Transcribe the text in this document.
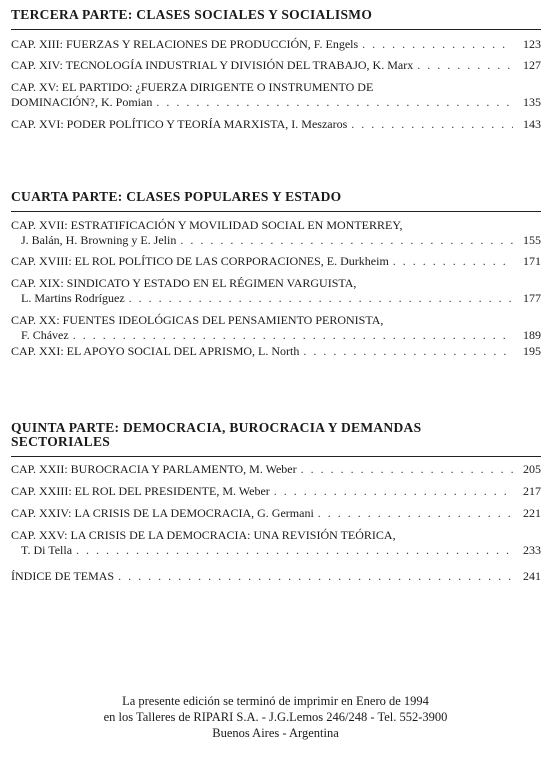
TERCERA PARTE: CLASES SOCIALES Y SOCIALISMO
CAP. XIII: FUERZAS Y RELACIONES DE PRODUCCIÓN, F. Engels . . .	123
CAP. XIV: TECNOLOGÍA INDUSTRIAL Y DIVISIÓN DEL TRABAJO, K. Marx . . .	127
CAP. XV: EL PARTIDO: ¿FUERZA DIRIGENTE O INSTRUMENTO DE
DOMINACIÓN?, K. Pomian . . .	135
CAP. XVI: PODER POLÍTICO Y TEORÍA MARXISTA, I. Meszaros . . .	143
CUARTA PARTE: CLASES POPULARES Y ESTADO
CAP. XVII: ESTRATIFICACIÓN Y MOVILIDAD SOCIAL EN MONTERREY,
J. Balán, H. Browning y E. Jelin . . .	155
CAP. XVIII: EL ROL POLÍTICO DE LAS CORPORACIONES, E. Durkheim . . .	171
CAP. XIX: SINDICATO Y ESTADO EN EL RÉGIMEN VARGUISTA,
L. Martins Rodríguez . . .	177
CAP. XX: FUENTES IDEOLÓGICAS DEL PENSAMIENTO PERONISTA,
F. Chávez . . .	189
CAP. XXI: EL APOYO SOCIAL DEL APRISMO, L. North . . .	195
QUINTA PARTE: DEMOCRACIA, BUROCRACIA Y DEMANDAS SECTORIALES
CAP. XXII: BUROCRACIA Y PARLAMENTO, M. Weber . . .	205
CAP. XXIII: EL ROL DEL PRESIDENTE, M. Weber . . .	217
CAP. XXIV: LA CRISIS DE LA DEMOCRACIA, G. Germani . . .	221
CAP. XXV: LA CRISIS DE LA DEMOCRACIA: UNA REVISIÓN TEÓRICA,
T. Di Tella . . .	233
ÍNDICE DE TEMAS . . .	241
La presente edición se terminó de imprimir en Enero de 1994
en los Talleres de RIPARI S.A. - J.G.Lemos 246/248 - Tel. 552-3900
Buenos Aires - Argentina
